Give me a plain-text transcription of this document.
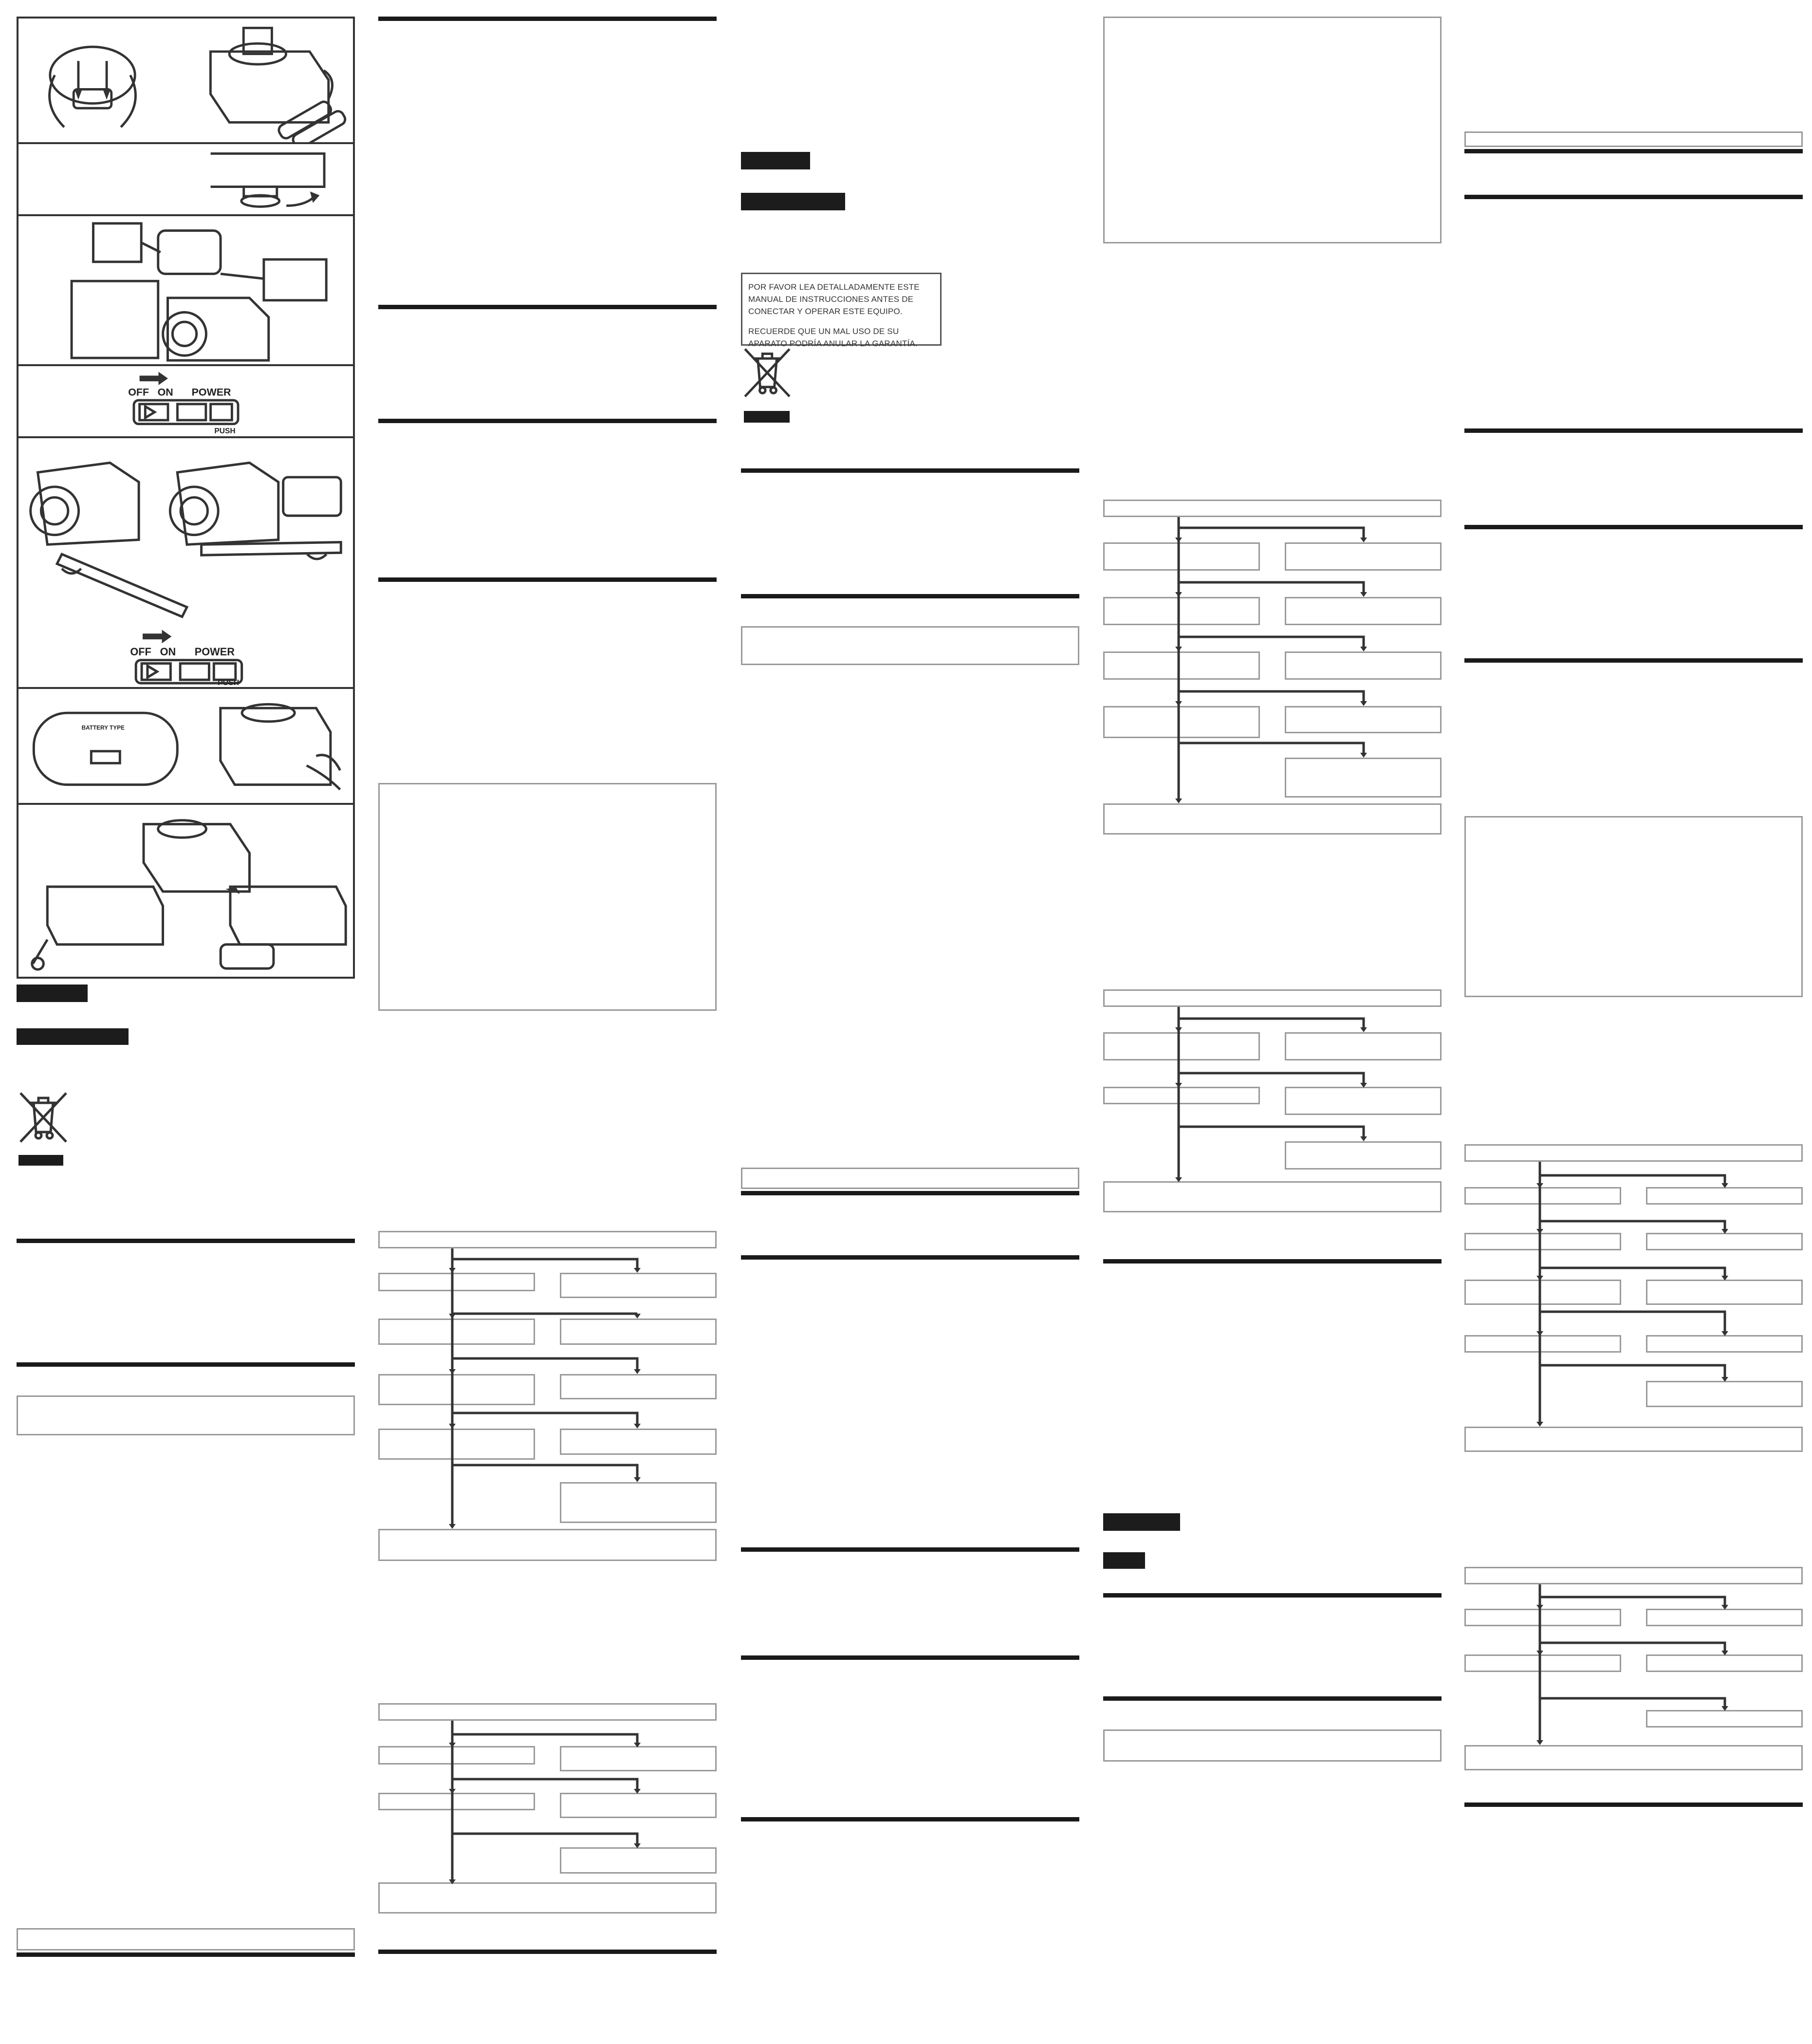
OFF ON POWER
PUSH
OFF ON POWER
PUSH
BATTERY TYPE

POR FAVOR LEA DETALLADAMENTE ESTE MANUAL DE INSTRUCCIONES ANTES DE CONECTAR Y OPERAR ESTE EQUIPO.

RECUERDE QUE UN MAL USO DE SU APARATO PODRÍA ANULAR LA GARANTÍA.
